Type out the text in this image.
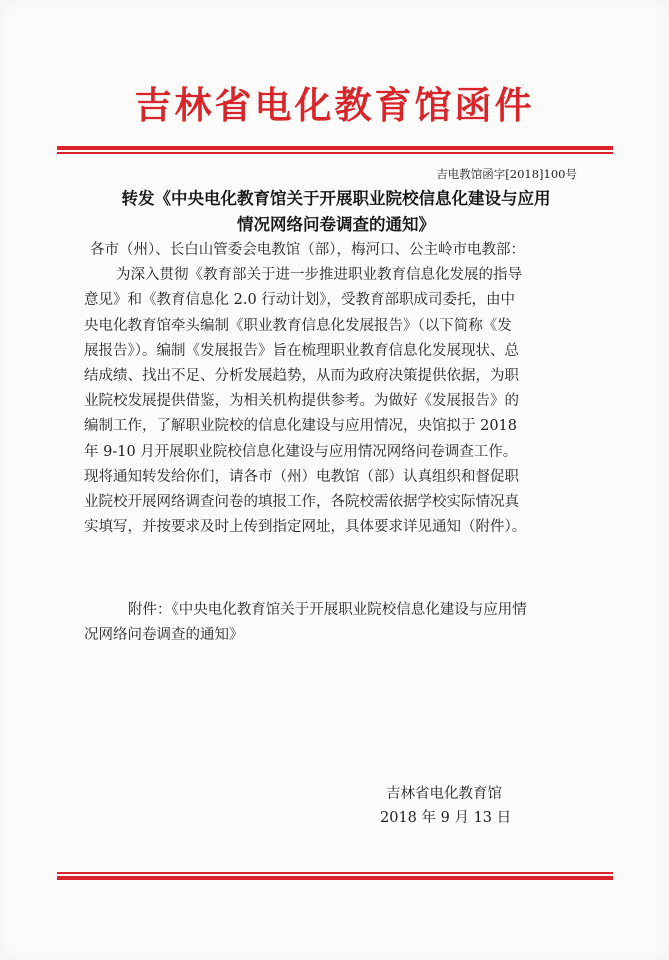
吉林省电化教育馆函件
吉电教馆函字[2018]100号
转发《中央电化教育馆关于开展职业院校信息化建设与应用
情况网络问卷调查的通知》
各市（州）、长白山管委会电教馆（部），梅河口、公主岭市电教部：
为深入贯彻《教育部关于进一步推进职业教育信息化发展的指导
意见》和《教育信息化 2.0 行动计划》，受教育部职成司委托，由中
央电化教育馆牵头编制《职业教育信息化发展报告》（以下简称《发
展报告》）。编制《发展报告》旨在梳理职业教育信息化发展现状、总
结成绩、找出不足、分析发展趋势，从而为政府决策提供依据，为职
业院校发展提供借鉴，为相关机构提供参考。为做好《发展报告》的
编制工作，了解职业院校的信息化建设与应用情况，央馆拟于 2018
年 9-10 月开展职业院校信息化建设与应用情况网络问卷调查工作。
现将通知转发给你们，请各市（州）电教馆（部）认真组织和督促职
业院校开展网络调查问卷的填报工作，各院校需依据学校实际情况真
实填写，并按要求及时上传到指定网址，具体要求详见通知（附件）。
附件：《中央电化教育馆关于开展职业院校信息化建设与应用情
况网络问卷调查的通知》
吉林省电化教育馆
2018 年 9 月 13 日
